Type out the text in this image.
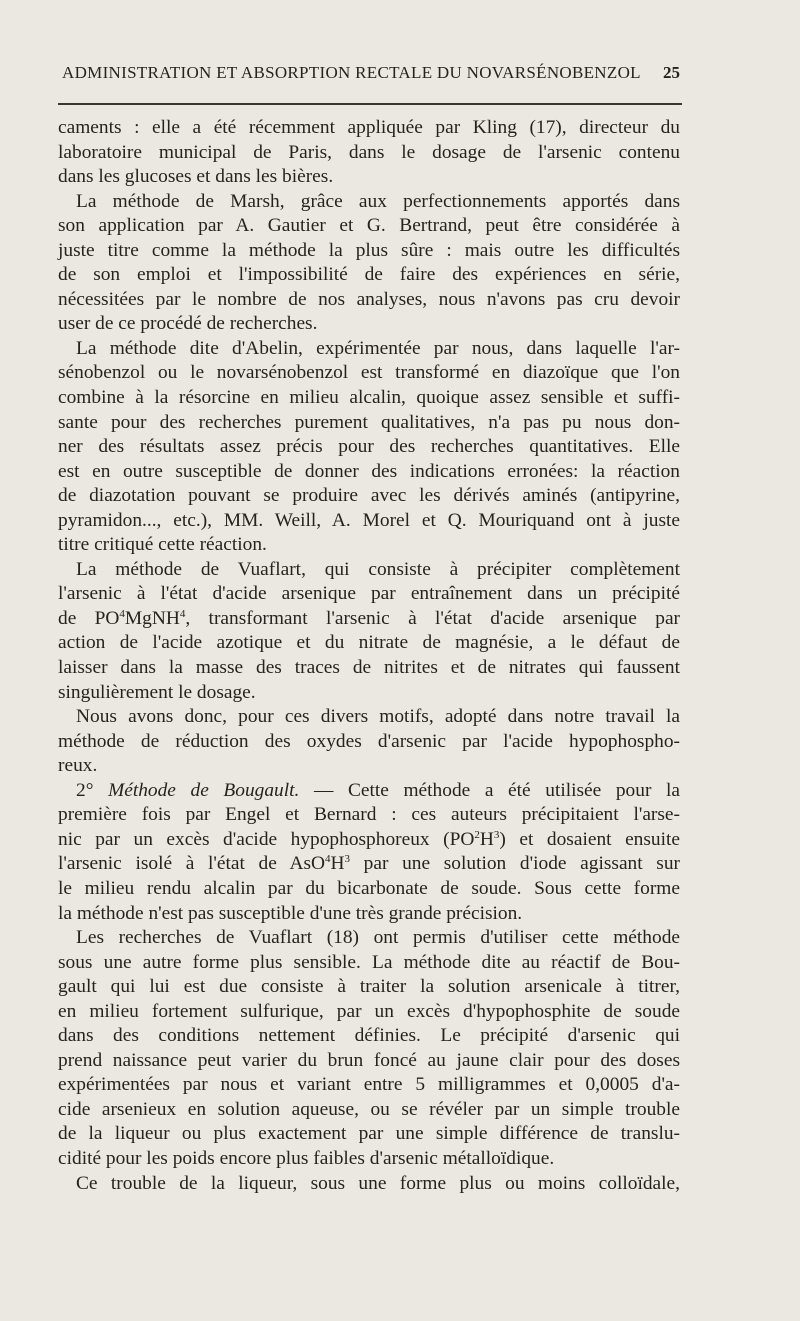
ADMINISTRATION ET ABSORPTION RECTALE DU NOVARSÉNOBENZOL 25
caments : elle a été récemment appliquée par Kling (17), directeur du
laboratoire municipal de Paris, dans le dosage de l'arsenic contenu
dans les glucoses et dans les bières.
La méthode de Marsh, grâce aux perfectionnements apportés dans
son application par A. Gautier et G. Bertrand, peut être considérée à
juste titre comme la méthode la plus sûre : mais outre les difficultés
de son emploi et l'impossibilité de faire des expériences en série,
nécessitées par le nombre de nos analyses, nous n'avons pas cru devoir
user de ce procédé de recherches.
La méthode dite d'Abelin, expérimentée par nous, dans laquelle l'ar-
sénobenzol ou le novarsénobenzol est transformé en diazoïque que l'on
combine à la résorcine en milieu alcalin, quoique assez sensible et suffi-
sante pour des recherches purement qualitatives, n'a pas pu nous don-
ner des résultats assez précis pour des recherches quantitatives. Elle
est en outre susceptible de donner des indications erronées: la réaction
de diazotation pouvant se produire avec les dérivés aminés (antipyrine,
pyramidon..., etc.), MM. Weill, A. Morel et Q. Mouriquand ont à juste
titre critiqué cette réaction.
La méthode de Vuaflart, qui consiste à précipiter complètement
l'arsenic à l'état d'acide arsenique par entraînement dans un précipité
de $PO^4MgNH^4$, transformant l'arsenic à l'état d'acide arsenique par
action de l'acide azotique et du nitrate de magnésie, a le défaut de
laisser dans la masse des traces de nitrites et de nitrates qui faussent
singulièrement le dosage.
Nous avons donc, pour ces divers motifs, adopté dans notre travail la
méthode de réduction des oxydes d'arsenic par l'acide hypophospho-
reux.
2° Méthode de Bougault. — Cette méthode a été utilisée pour la
première fois par Engel et Bernard : ces auteurs précipitaient l'arse-
nic par un excès d'acide hypophosphoreux $(PO^2H^3)$ et dosaient ensuite
l'arsenic isolé à l'état de $AsO^4H^3$ par une solution d'iode agissant sur
le milieu rendu alcalin par du bicarbonate de soude. Sous cette forme
la méthode n'est pas susceptible d'une très grande précision.
Les recherches de Vuaflart (18) ont permis d'utiliser cette méthode
sous une autre forme plus sensible. La méthode dite au réactif de Bou-
gault qui lui est due consiste à traiter la solution arsenicale à titrer,
en milieu fortement sulfurique, par un excès d'hypophosphite de soude
dans des conditions nettement définies. Le précipité d'arsenic qui
prend naissance peut varier du brun foncé au jaune clair pour des doses
expérimentées par nous et variant entre 5 milligrammes et 0,0005 d'a-
cide arsenieux en solution aqueuse, ou se révéler par un simple trouble
de la liqueur ou plus exactement par une simple différence de translu-
cidité pour les poids encore plus faibles d'arsenic métalloïdique.
Ce trouble de la liqueur, sous une forme plus ou moins colloïdale,
